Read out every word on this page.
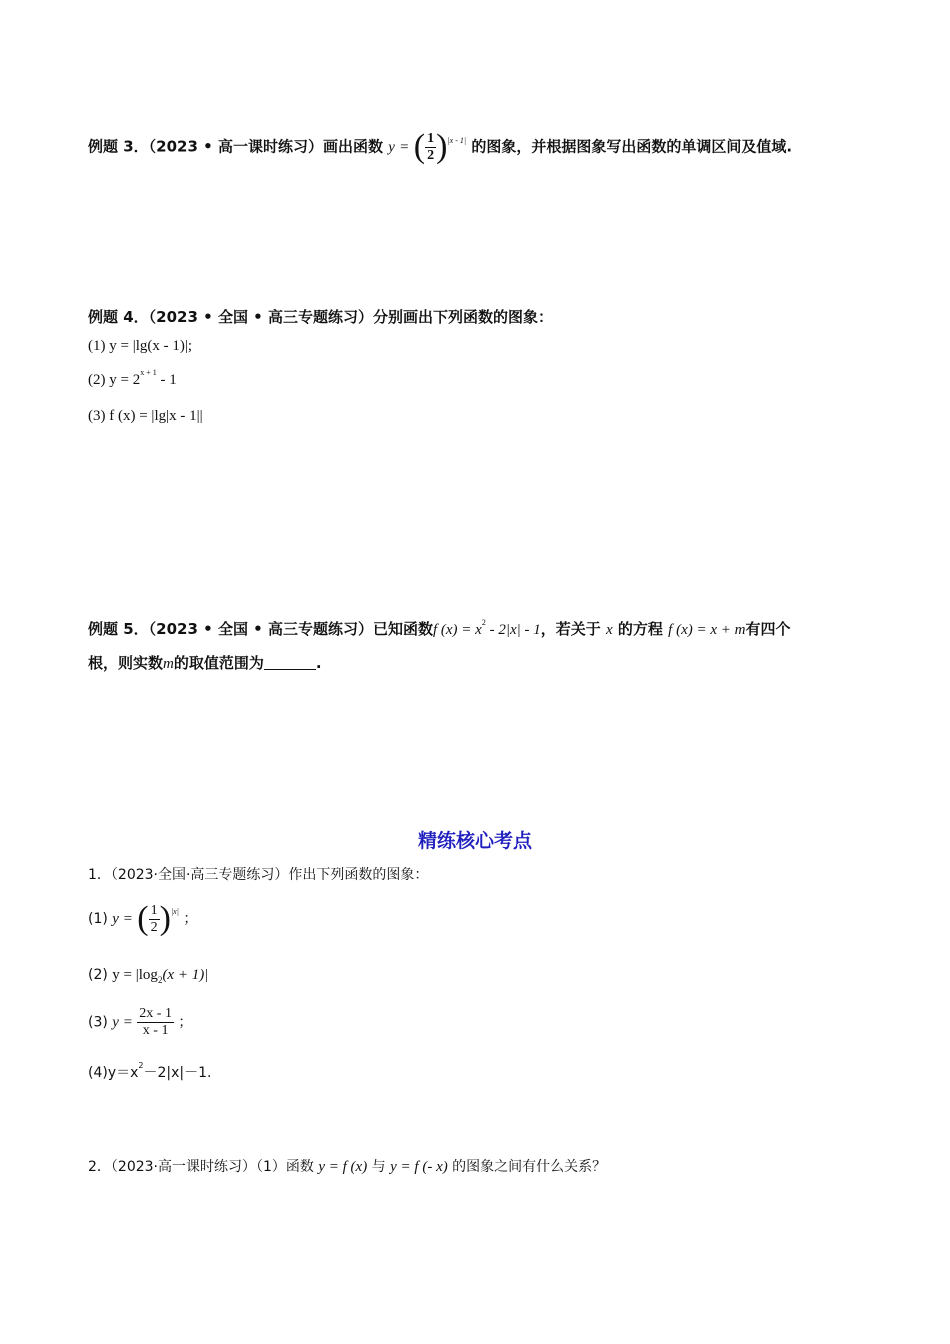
例题 3．（2023 • 高一课时练习）画出函数 y = ( $\frac{1}{2} )^{|x - 1|}$ 的图象，并根据图象写出函数的单调区间及值域.
例题 4．（2023 • 全国 • 高三专题练习）分别画出下列函数的图象：
(1) y = |lg(x - 1)|;
(2) $y = 2^{x + 1} - 1$
(3) f (x) = |lg|x - 1||
例题 5．（2023 • 全国 • 高三专题练习）已知函数f $(x) = x^2 - 2|x| - 1$，若关于 x 的方程 f (x) = x + m有四个
根，则实数m的取值范围为	.
精练核心考点
1．（2023·全国·高三专题练习）作出下列函数的图象：
(1) y = ( $\frac{1}{2} )^{|x|}$ ；
(2) $y = |\log_2(x + 1)|$
(3) $y = \frac{2x - 1}{x - 1}$ ；
$(4)y=x^2-2|x|-1$.
2．（2023·高一课时练习）（1）函数 y = f (x) 与 y = f (- x) 的图象之间有什么关系？
